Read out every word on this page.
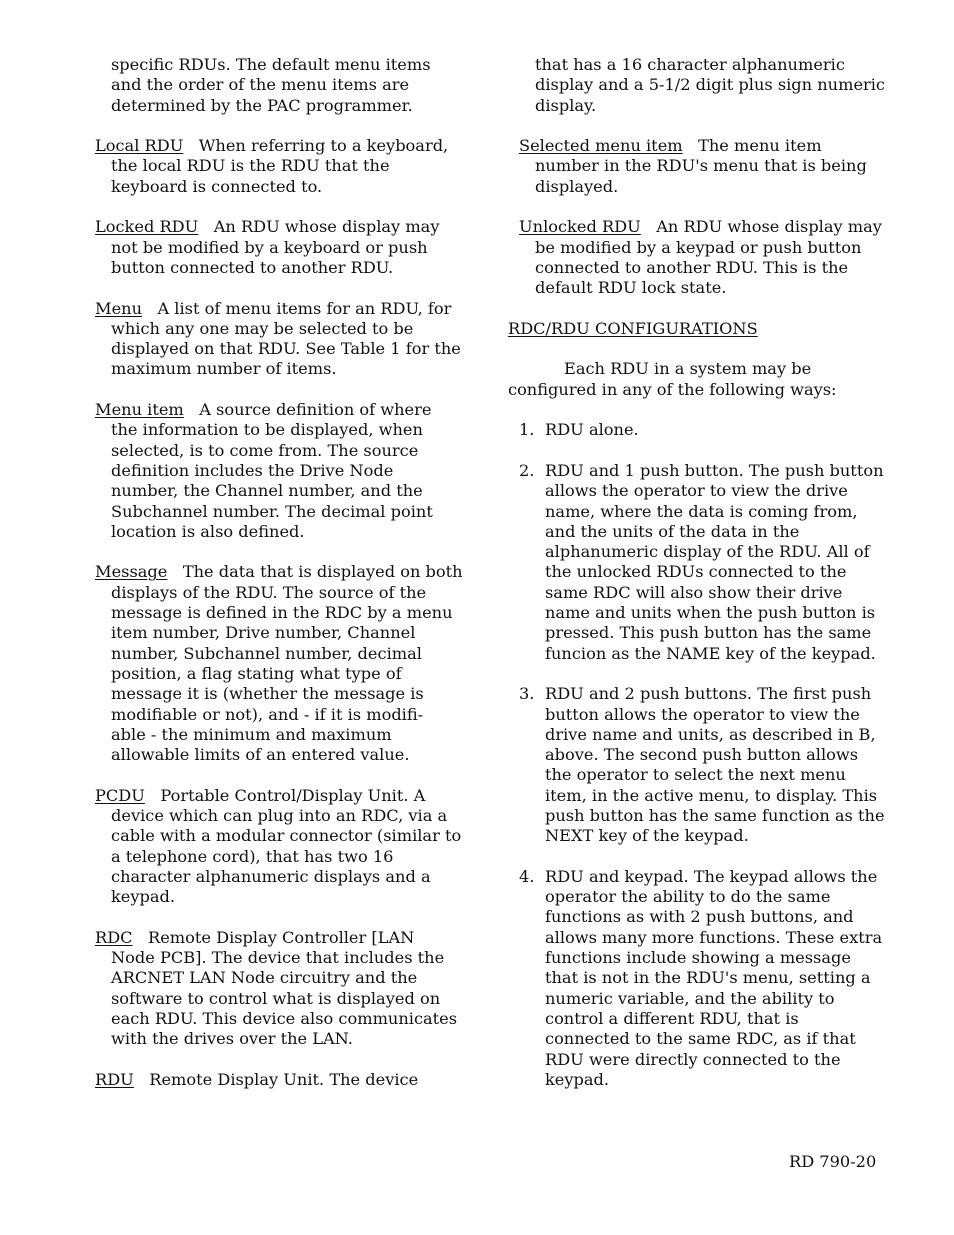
specific RDUs. The default menu items and the order of the menu items are determined by the PAC programmer.
Local RDU When referring to a keyboard, the local RDU is the RDU that the keyboard is connected to.
Locked RDU An RDU whose display may not be modified by a keyboard or push button connected to another RDU.
Menu A list of menu items for an RDU, for which any one may be selected to be displayed on that RDU. See Table 1 for the maximum number of items.
Menu item A source definition of where the information to be displayed, when selected, is to come from. The source definition includes the Drive Node number, the Channel number, and the Subchannel number. The decimal point location is also defined.
Message The data that is displayed on both displays of the RDU. The source of the message is defined in the RDC by a menu item number, Drive number, Channel number, Subchannel number, decimal position, a flag stating what type of message it is (whether the message is modifiable or not), and - if it is modifi- able - the minimum and maximum allowable limits of an entered value.
PCDU Portable Control/Display Unit. A device which can plug into an RDC, via a cable with a modular connector (similar to a telephone cord), that has two 16 character alphanumeric displays and a keypad.
RDC Remote Display Controller [LAN Node PCB]. The device that includes the ARCNET LAN Node circuitry and the software to control what is displayed on each RDU. This device also communicates with the drives over the LAN.
RDU Remote Display Unit. The device
that has a 16 character alphanumeric display and a 5-1/2 digit plus sign numeric display.
Selected menu item The menu item number in the RDU's menu that is being displayed.
Unlocked RDU An RDU whose display may be modified by a keypad or push button connected to another RDU. This is the default RDU lock state.
RDC/RDU CONFIGURATIONS
Each RDU in a system may be configured in any of the following ways:
1. RDU alone.
2. RDU and 1 push button. The push button allows the operator to view the drive name, where the data is coming from, and the units of the data in the alphanumeric display of the RDU. All of the unlocked RDUs connected to the same RDC will also show their drive name and units when the push button is pressed. This push button has the same funcion as the NAME key of the keypad.
3. RDU and 2 push buttons. The first push button allows the operator to view the drive name and units, as described in B, above. The second push button allows the operator to select the next menu item, in the active menu, to display. This push button has the same function as the NEXT key of the keypad.
4. RDU and keypad. The keypad allows the operator the ability to do the same functions as with 2 push buttons, and allows many more functions. These extra functions include showing a message that is not in the RDU's menu, setting a numeric variable, and the ability to control a different RDU, that is connected to the same RDC, as if that RDU were directly connected to the keypad.
RD 790-20
